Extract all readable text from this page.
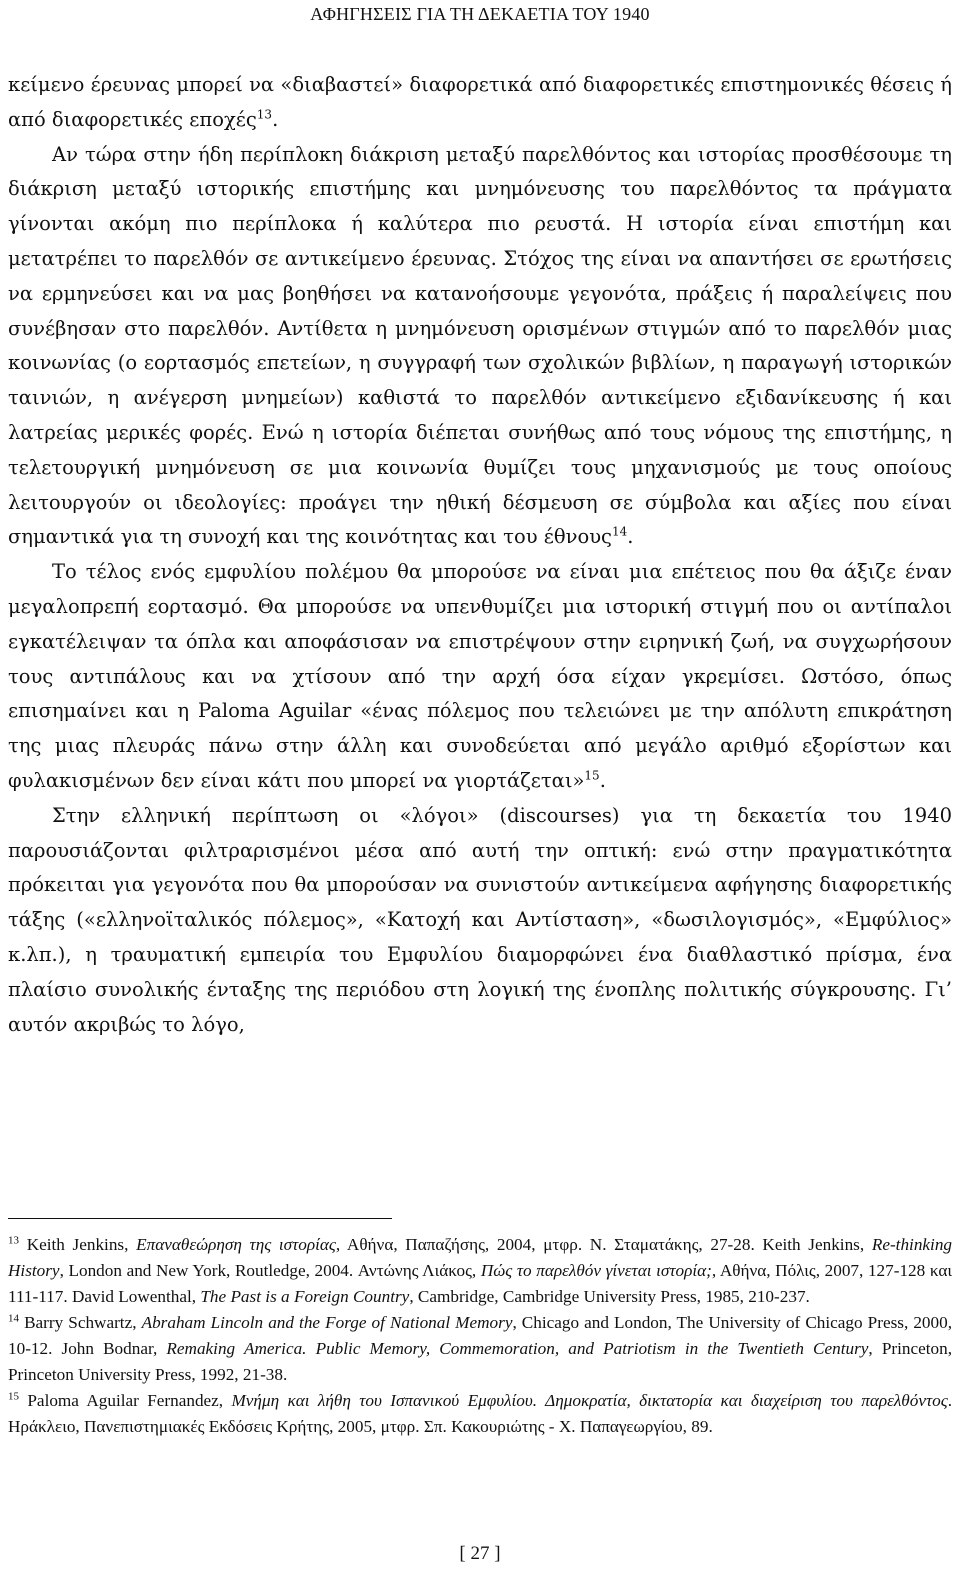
ΑΦΗΓΗΣΕΙΣ ΓΙΑ ΤΗ ΔΕΚΑΕΤΙΑ ΤΟΥ 1940

κείμενο έρευνας μπορεί να «διαβαστεί» διαφορετικά από διαφορετικές επιστημονικές θέσεις ή από διαφορετικές εποχές$^{13}$.

Αν τώρα στην ήδη περίπλοκη διάκριση μεταξύ παρελθόντος και ιστορίας προσθέσουμε τη διάκριση μεταξύ ιστορικής επιστήμης και μνημόνευσης του παρελθόντος τα πράγματα γίνονται ακόμη πιο περίπλοκα ή καλύτερα πιο ρευστά. Η ιστορία είναι επιστήμη και μετατρέπει το παρελθόν σε αντικείμενο έρευνας. Στόχος της είναι να απαντήσει σε ερωτήσεις να ερμηνεύσει και να μας βοηθήσει να κατανοήσουμε γεγονότα, πράξεις ή παραλείψεις που συνέβησαν στο παρελθόν. Αντίθετα η μνημόνευση ορισμένων στιγμών από το παρελθόν μιας κοινωνίας (ο εορτασμός επετείων, η συγγραφή των σχολικών βιβλίων, η παραγωγή ιστορικών ταινιών, η ανέγερση μνημείων) καθιστά το παρελθόν αντικείμενο εξιδανίκευσης ή και λατρείας μερικές φορές. Ενώ η ιστορία διέπεται συνήθως από τους νόμους της επιστήμης, η τελετουργική μνημόνευση σε μια κοινωνία θυμίζει τους μηχανισμούς με τους οποίους λειτουργούν οι ιδεολογίες: προάγει την ηθική δέσμευση σε σύμβολα και αξίες που είναι σημαντικά για τη συνοχή και της κοινότητας και του έθνους$^{14}$.

Το τέλος ενός εμφυλίου πολέμου θα μπορούσε να είναι μια επέτειος που θα άξιζε έναν μεγαλοπρεπή εορτασμό. Θα μπορούσε να υπενθυμίζει μια ιστορική στιγμή που οι αντίπαλοι εγκατέλειψαν τα όπλα και αποφάσισαν να επιστρέψουν στην ειρηνική ζωή, να συγχωρήσουν τους αντιπάλους και να χτίσουν από την αρχή όσα είχαν γκρεμίσει. Ωστόσο, όπως επισημαίνει και η Paloma Aguilar «ένας πόλεμος που τελειώνει με την απόλυτη επικράτηση της μιας πλευράς πάνω στην άλλη και συνοδεύεται από μεγάλο αριθμό εξορίστων και φυλακισμένων δεν είναι κάτι που μπορεί να γιορτάζεται»$^{15}$.

Στην ελληνική περίπτωση οι «λόγοι» (discourses) για τη δεκαετία του 1940 παρουσιάζονται φιλτραρισμένοι μέσα από αυτή την οπτική: ενώ στην πραγματικότητα πρόκειται για γεγονότα που θα μπορούσαν να συνιστούν αντικείμενα αφήγησης διαφορετικής τάξης («ελληνοϊταλικός πόλεμος», «Κατοχή και Αντίσταση», «δωσιλογισμός», «Εμφύλιος» κ.λπ.), η τραυματική εμπειρία του Εμφυλίου διαμορφώνει ένα διαθλαστικό πρίσμα, ένα πλαίσιο συνολικής ένταξης της περιόδου στη λογική της ένοπλης πολιτικής σύγκρουσης. Γι’ αυτόν ακριβώς το λόγο,

$^{13}$ Keith Jenkins, Επαναθεώρηση της ιστορίας, Αθήνα, Παπαζήσης, 2004, μτφρ. Ν. Σταματάκης, 27-28. Keith Jenkins, Re-thinking History, London and New York, Routledge, 2004. Αντώνης Λιάκος, Πώς το παρελθόν γίνεται ιστορία;, Αθήνα, Πόλις, 2007, 127-128 και 111-117. David Lowenthal, The Past is a Foreign Country, Cambridge, Cambridge University Press, 1985, 210-237.

$^{14}$ Barry Schwartz, Abraham Lincoln and the Forge of National Memory, Chicago and London, The University of Chicago Press, 2000, 10-12. John Bodnar, Remaking America. Public Memory, Commemoration, and Patriotism in the Twentieth Century, Princeton, Princeton University Press, 1992, 21-38.

$^{15}$ Paloma Aguilar Fernandez, Μνήμη και λήθη του Ισπανικού Εμφυλίου. Δημοκρατία, δικτατορία και διαχείριση του παρελθόντος. Ηράκλειο, Πανεπιστημιακές Εκδόσεις Κρήτης, 2005, μτφρ. Σπ. Κακουριώτης - Χ. Παπαγεωργίου, 89.

[ 27 ]
